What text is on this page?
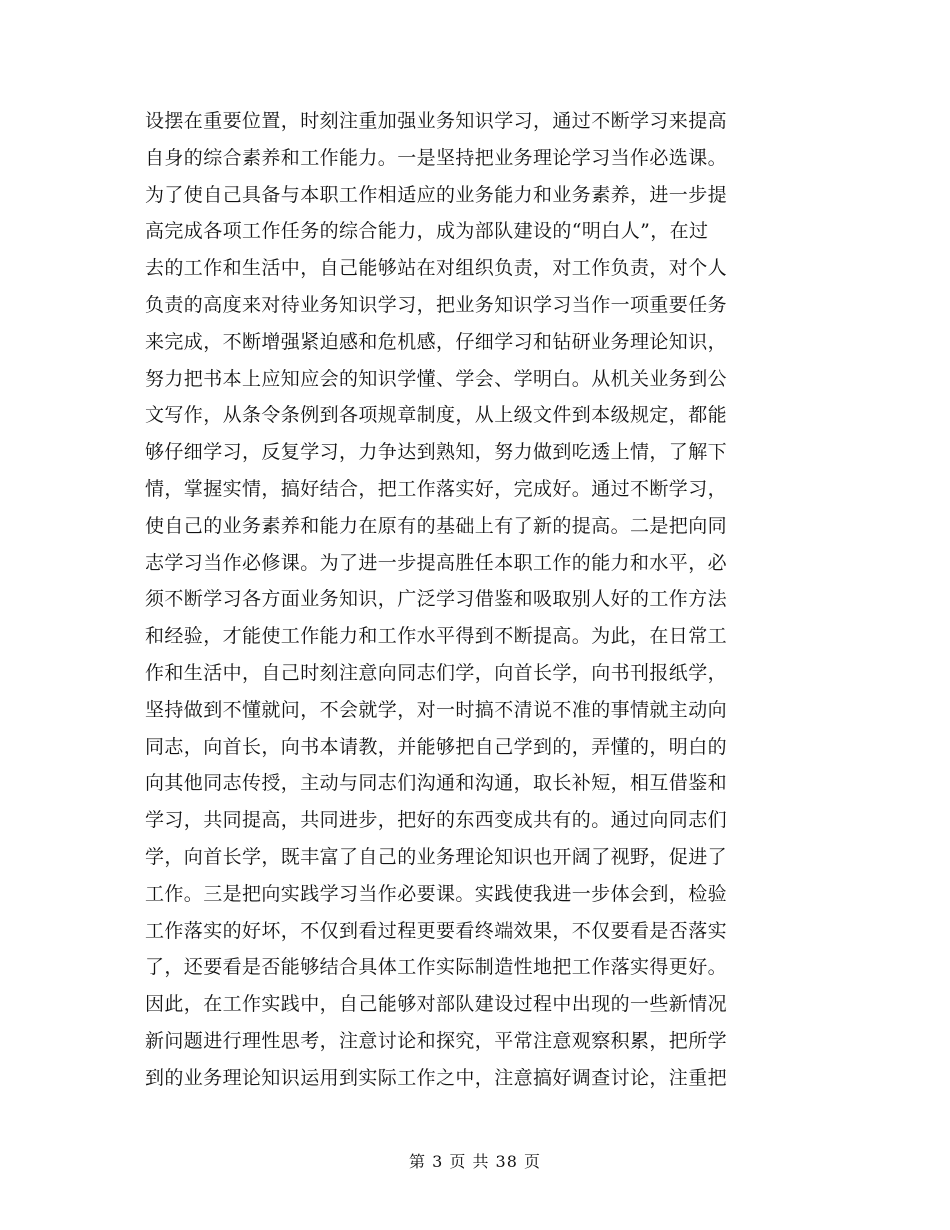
设摆在重要位置，时刻注重加强业务知识学习，通过不断学习来提高
自身的综合素养和工作能力。一是坚持把业务理论学习当作必选课。
为了使自己具备与本职工作相适应的业务能力和业务素养，进一步提
高完成各项工作任务的综合能力，成为部队建设的“明白人”，在过
去的工作和生活中，自己能够站在对组织负责，对工作负责，对个人
负责的高度来对待业务知识学习，把业务知识学习当作一项重要任务
来完成，不断增强紧迫感和危机感，仔细学习和钻研业务理论知识，
努力把书本上应知应会的知识学懂、学会、学明白。从机关业务到公
文写作，从条令条例到各项规章制度，从上级文件到本级规定，都能
够仔细学习，反复学习，力争达到熟知，努力做到吃透上情，了解下
情，掌握实情，搞好结合，把工作落实好，完成好。通过不断学习，
使自己的业务素养和能力在原有的基础上有了新的提高。二是把向同
志学习当作必修课。为了进一步提高胜任本职工作的能力和水平，必
须不断学习各方面业务知识，广泛学习借鉴和吸取别人好的工作方法
和经验，才能使工作能力和工作水平得到不断提高。为此，在日常工
作和生活中，自己时刻注意向同志们学，向首长学，向书刊报纸学，
坚持做到不懂就问，不会就学，对一时搞不清说不准的事情就主动向
同志，向首长，向书本请教，并能够把自己学到的，弄懂的，明白的
向其他同志传授，主动与同志们沟通和沟通，取长补短，相互借鉴和
学习，共同提高，共同进步，把好的东西变成共有的。通过向同志们
学，向首长学，既丰富了自己的业务理论知识也开阔了视野，促进了
工作。三是把向实践学习当作必要课。实践使我进一步体会到，检验
工作落实的好坏，不仅到看过程更要看终端效果，不仅要看是否落实
了，还要看是否能够结合具体工作实际制造性地把工作落实得更好。
因此，在工作实践中，自己能够对部队建设过程中出现的一些新情况
新问题进行理性思考，注意讨论和探究，平常注意观察积累，把所学
到的业务理论知识运用到实际工作之中，注意搞好调查讨论，注重把
第 3 页 共 38 页
